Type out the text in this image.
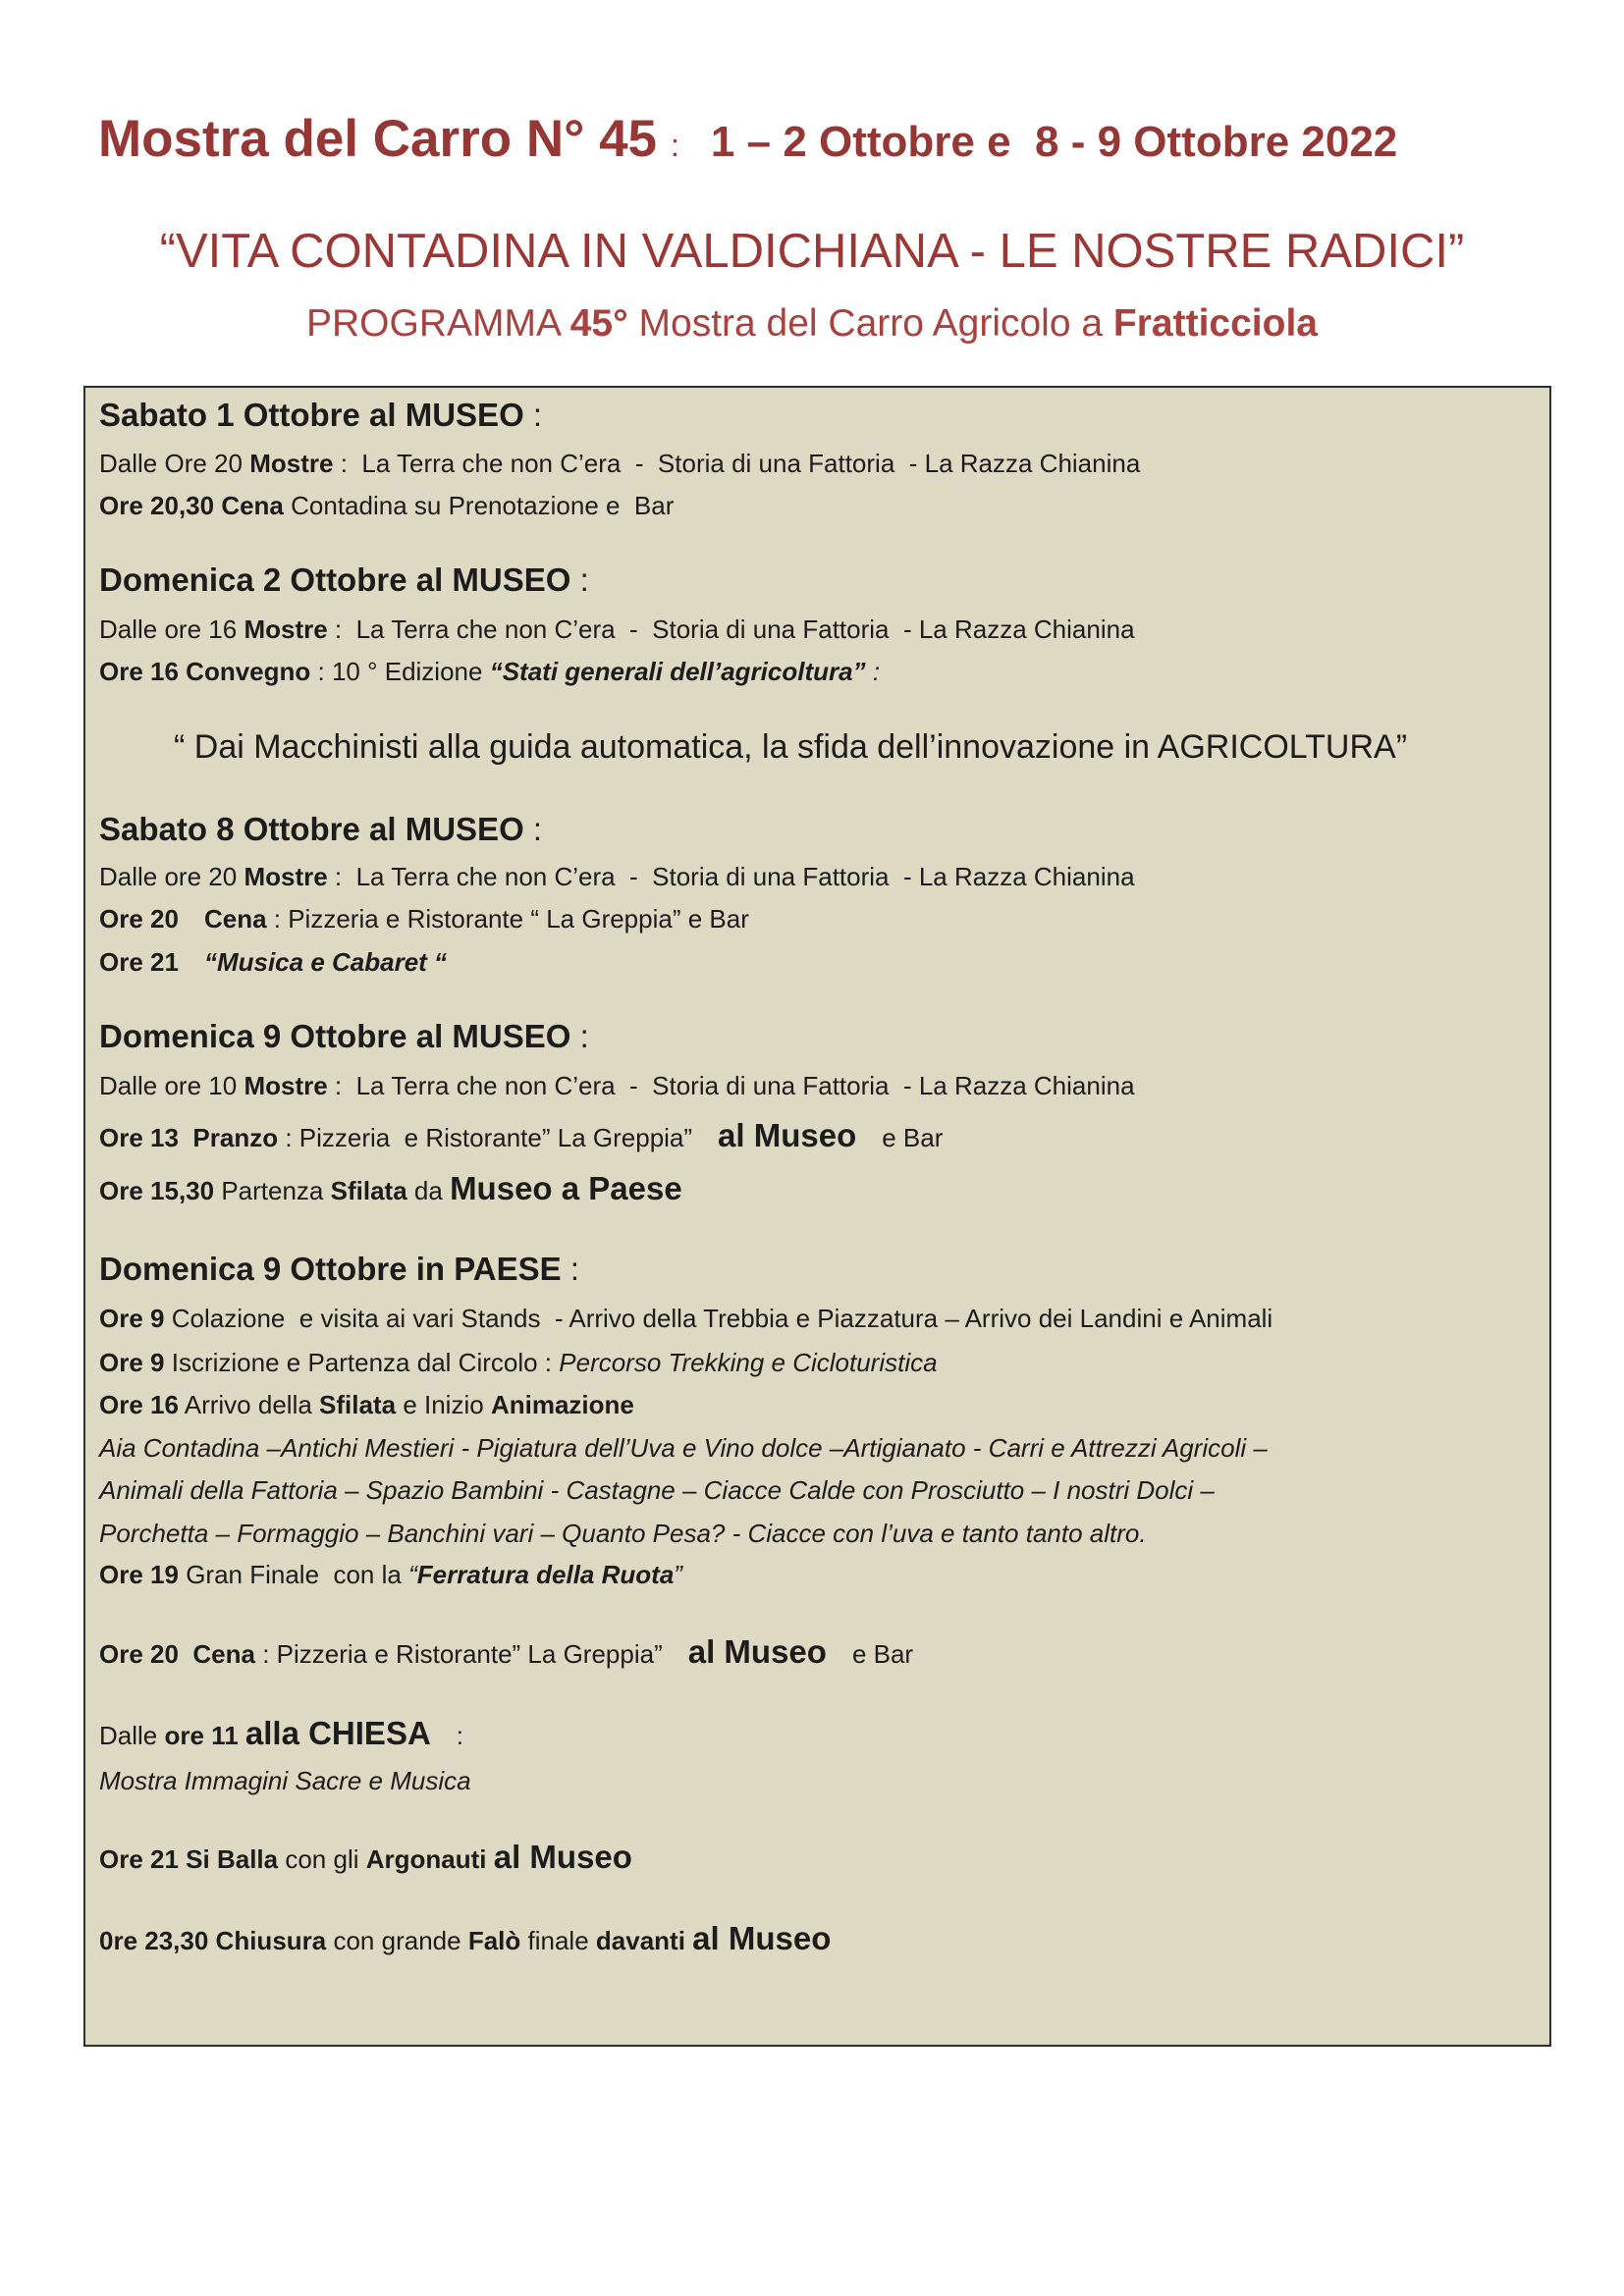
Mostra del Carro N° 45 : 1 – 2 Ottobre e  8 - 9 Ottobre 2022
“VITA CONTADINA IN VALDICHIANA - LE NOSTRE RADICI”
PROGRAMMA 45° Mostra del Carro Agricolo a Fratticciola
Sabato 1 Ottobre al MUSEO :
Dalle Ore 20 Mostre :  La Terra che non C’era  -  Storia di una Fattoria  - La Razza Chianina
Ore 20,30 Cena Contadina su Prenotazione e  Bar
Domenica 2 Ottobre al MUSEO :
Dalle ore 16 Mostre :  La Terra che non C’era  -  Storia di una Fattoria  - La Razza Chianina
Ore 16 Convegno : 10 ° Edizione “Stati generali dell’agricoltura” :
“ Dai Macchinisti alla guida automatica, la sfida dell’innovazione in AGRICOLTURA”
Sabato 8 Ottobre al MUSEO :
Dalle ore 20 Mostre :  La Terra che non C’era  -  Storia di una Fattoria  - La Razza Chianina
Ore 20 Cena : Pizzeria e Ristorante “ La Greppia” e Bar
Ore 21 “Musica e Cabaret “
Domenica 9 Ottobre al MUSEO :
Dalle ore 10 Mostre :  La Terra che non C’era  -  Storia di una Fattoria  - La Razza Chianina
Ore 13  Pranzo : Pizzeria  e Ristorante” La Greppia” al Museo e Bar
Ore 15,30 Partenza Sfilata da Museo a Paese
Domenica 9 Ottobre in PAESE :
Ore 9 Colazione  e visita ai vari Stands  - Arrivo della Trebbia e Piazzatura – Arrivo dei Landini e Animali
Ore 9 Iscrizione e Partenza dal Circolo : Percorso Trekking e Cicloturistica
Ore 16 Arrivo della Sfilata e Inizio Animazione
Aia Contadina –Antichi Mestieri - Pigiatura dell’Uva e Vino dolce –Artigianato - Carri e Attrezzi Agricoli –
Animali della Fattoria – Spazio Bambini - Castagne – Ciacce Calde con Prosciutto – I nostri Dolci –
Porchetta – Formaggio – Banchini vari – Quanto Pesa? - Ciacce con l’uva e tanto tanto altro.
Ore 19 Gran Finale  con la “Ferratura della Ruota”
Ore 20  Cena : Pizzeria e Ristorante” La Greppia” al Museo e Bar
Dalle ore 11 alla CHIESA :
Mostra Immagini Sacre e Musica
Ore 21 Si Balla con gli Argonauti al Museo
0re 23,30 Chiusura con grande Falò finale davanti al Museo
